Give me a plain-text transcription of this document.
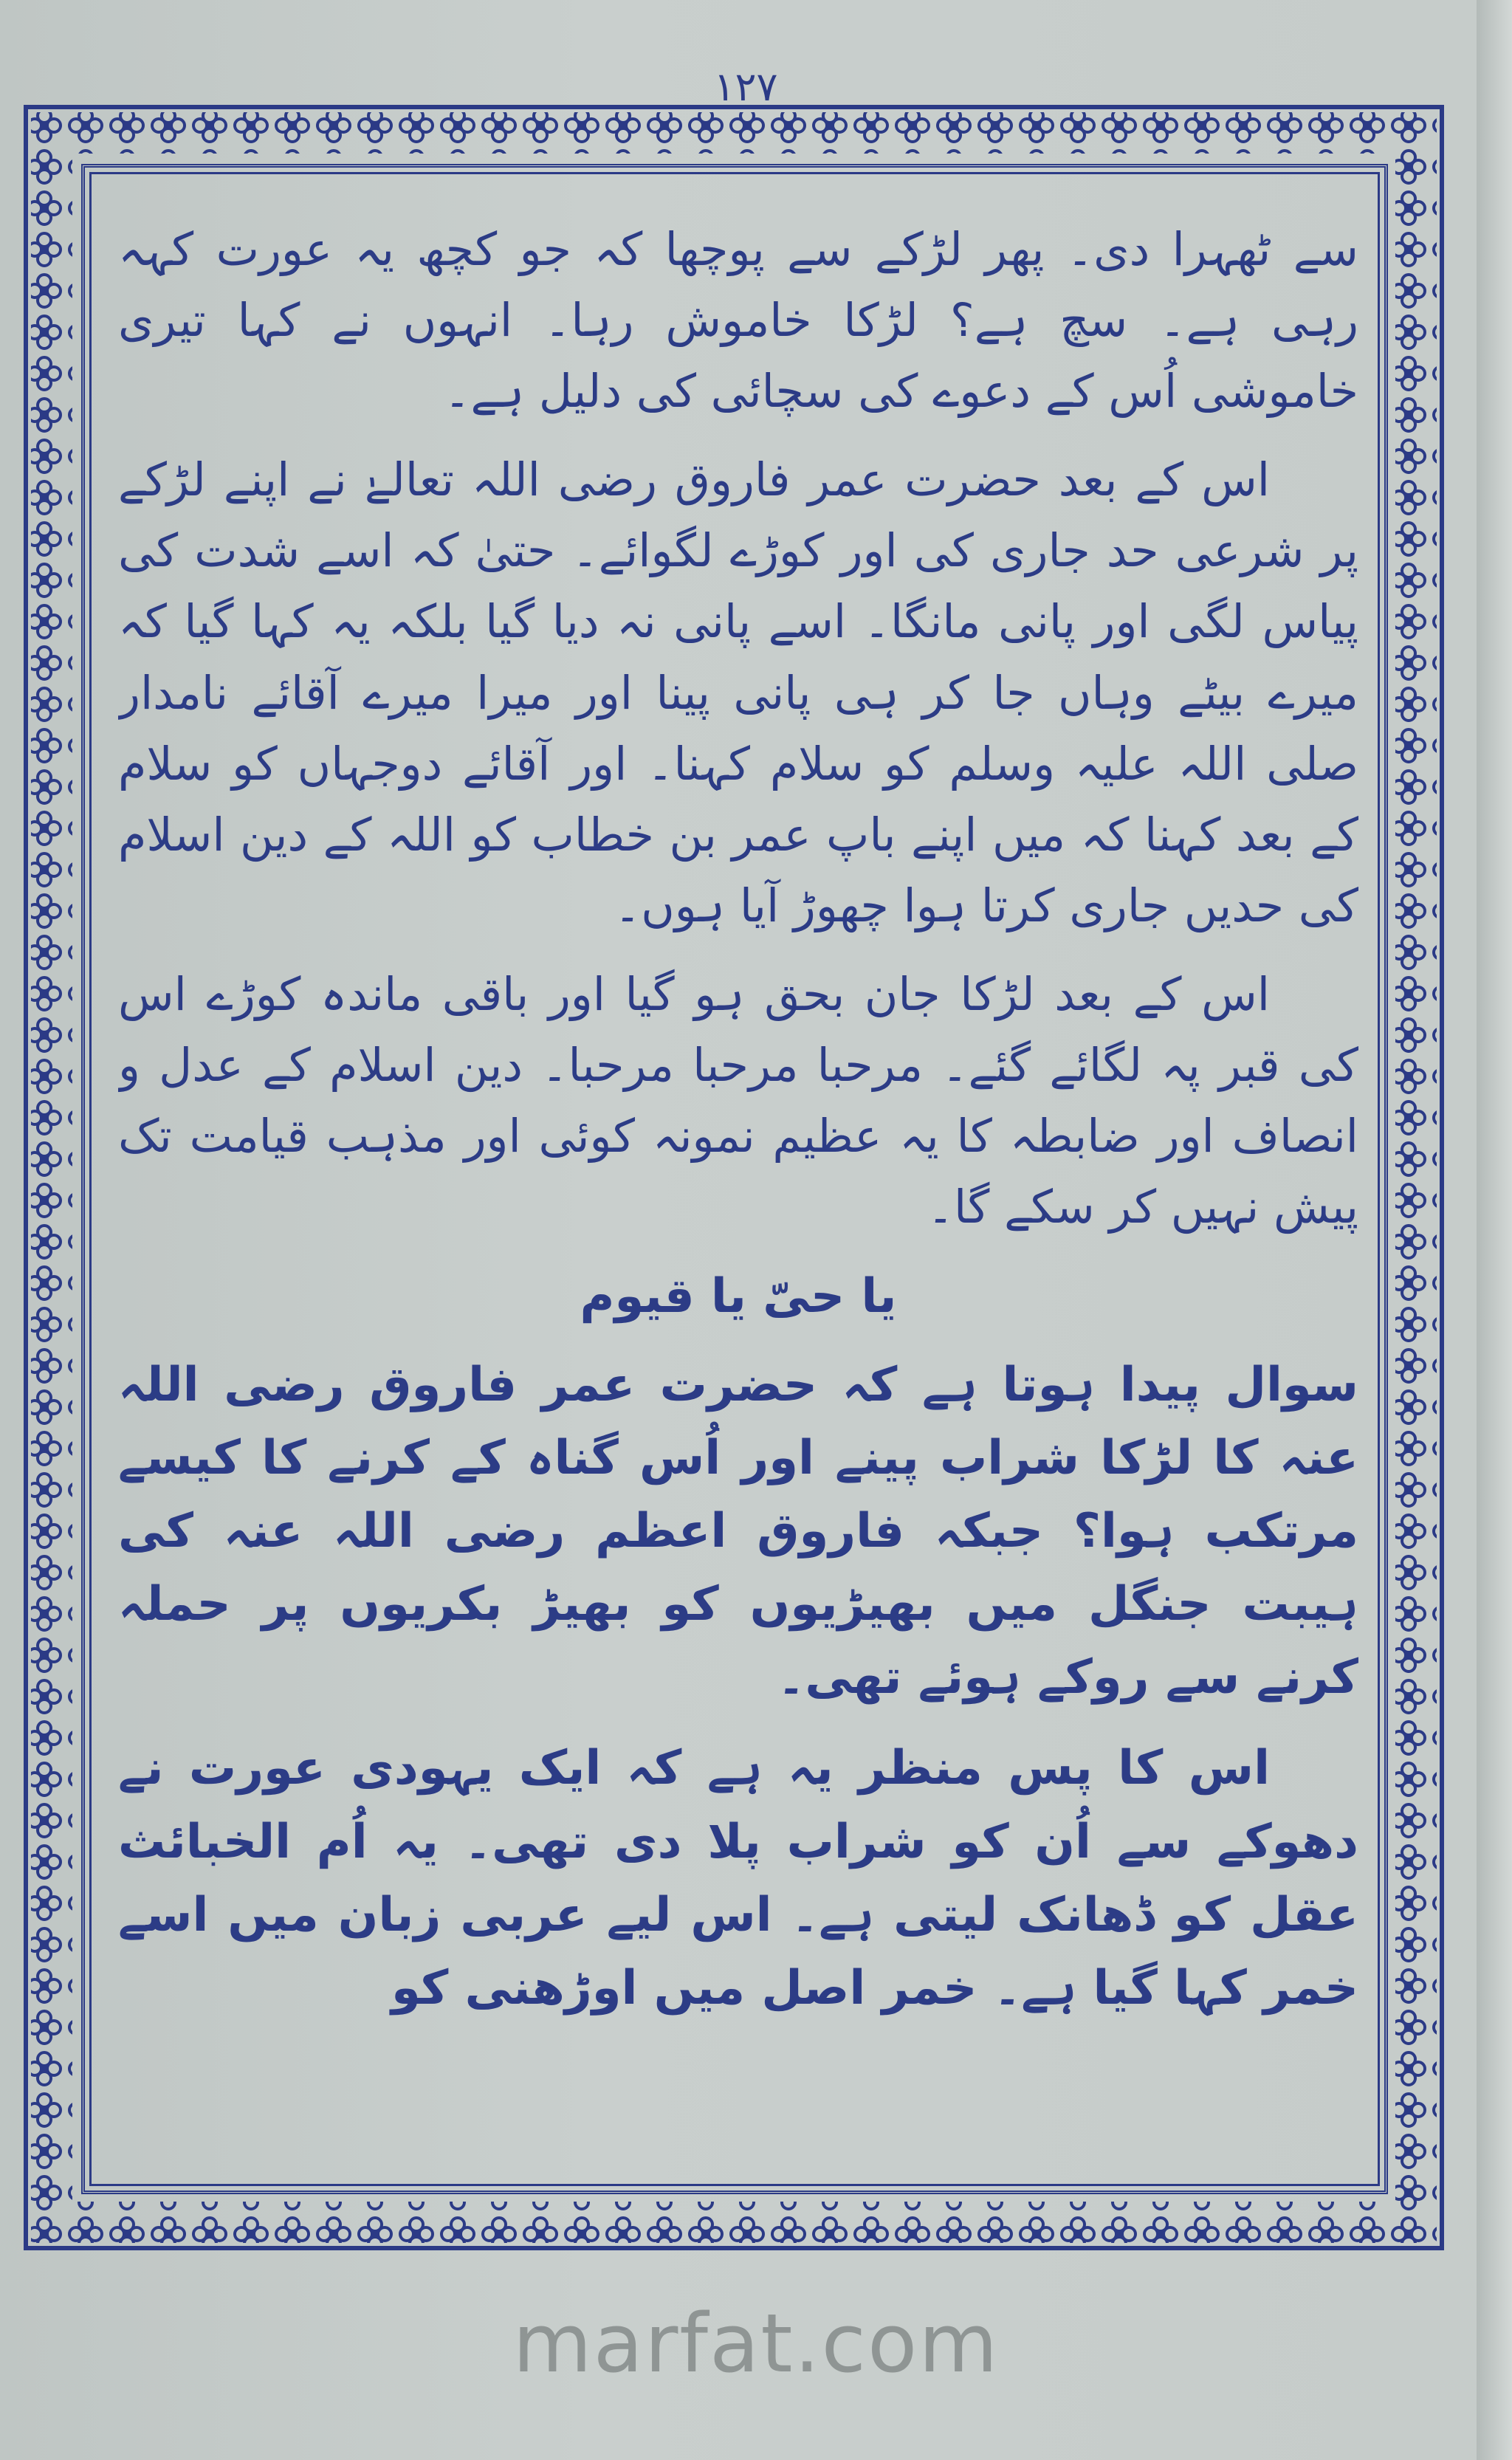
۱۲۷

سے ٹھہرا دی۔ پھر لڑکے سے پوچھا کہ جو کچھ یہ عورت کہہ رہی ہے۔ سچ ہے؟ لڑکا خاموش رہا۔ انہوں نے کہا تیری خاموشی اُس کے دعوے کی سچائی کی دلیل ہے۔

اس کے بعد حضرت عمر فاروق رضی اللہ تعالےٰ نے اپنے لڑکے پر شرعی حد جاری کی اور کوڑے لگوائے۔ حتیٰ کہ اسے شدت کی پیاس لگی اور پانی مانگا۔ اسے پانی نہ دیا گیا بلکہ یہ کہا گیا کہ میرے بیٹے وہاں جا کر ہی پانی پینا اور میرا میرے آقائے نامدار صلی اللہ علیہ وسلم کو سلام کہنا۔ اور آقائے دوجہاں کو سلام کے بعد کہنا کہ میں اپنے باپ عمر بن خطاب کو اللہ کے دین اسلام کی حدیں جاری کرتا ہوا چھوڑ آیا ہوں۔

اس کے بعد لڑکا جان بحق ہو گیا اور باقی ماندہ کوڑے اس کی قبر پہ لگائے گئے۔ مرحبا مرحبا مرحبا۔ دین اسلام کے عدل و انصاف اور ضابطہ کا یہ عظیم نمونہ کوئی اور مذہب قیامت تک پیش نہیں کر سکے گا۔

یا حیّ یا قیوم

سوال پیدا ہوتا ہے کہ حضرت عمر فاروق رضی اللہ عنہ کا لڑکا شراب پینے اور اُس گناہ کے کرنے کا کیسے مرتکب ہوا؟ جبکہ فاروق اعظم رضی اللہ عنہ کی ہیبت جنگل میں بھیڑیوں کو بھیڑ بکریوں پر حملہ کرنے سے روکے ہوئے تھی۔

اس کا پس منظر یہ ہے کہ ایک یہودی عورت نے دھوکے سے اُن کو شراب پلا دی تھی۔ یہ اُم الخبائث عقل کو ڈھانک لیتی ہے۔ اس لیے عربی زبان میں اسے خمر کہا گیا ہے۔ خمر اصل میں اوڑھنی کو

marfat.com
